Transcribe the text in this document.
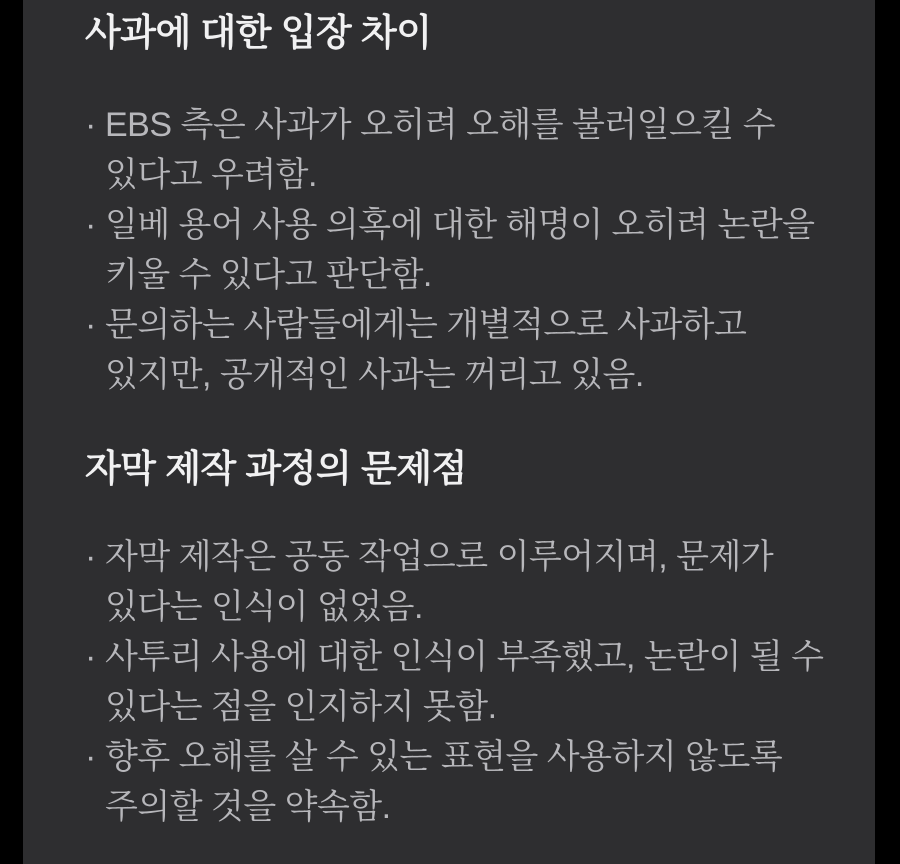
사과에 대한 입장 차이
· EBS 측은 사과가 오히려 오해를 불러일으킬 수 있다고 우려함.
· 일베 용어 사용 의혹에 대한 해명이 오히려 논란을 키울 수 있다고 판단함.
· 문의하는 사람들에게는 개별적으로 사과하고 있지만, 공개적인 사과는 꺼리고 있음.
자막 제작 과정의 문제점
· 자막 제작은 공동 작업으로 이루어지며, 문제가 있다는 인식이 없었음.
· 사투리 사용에 대한 인식이 부족했고, 논란이 될 수 있다는 점을 인지하지 못함.
· 향후 오해를 살 수 있는 표현을 사용하지 않도록 주의할 것을 약속함.
